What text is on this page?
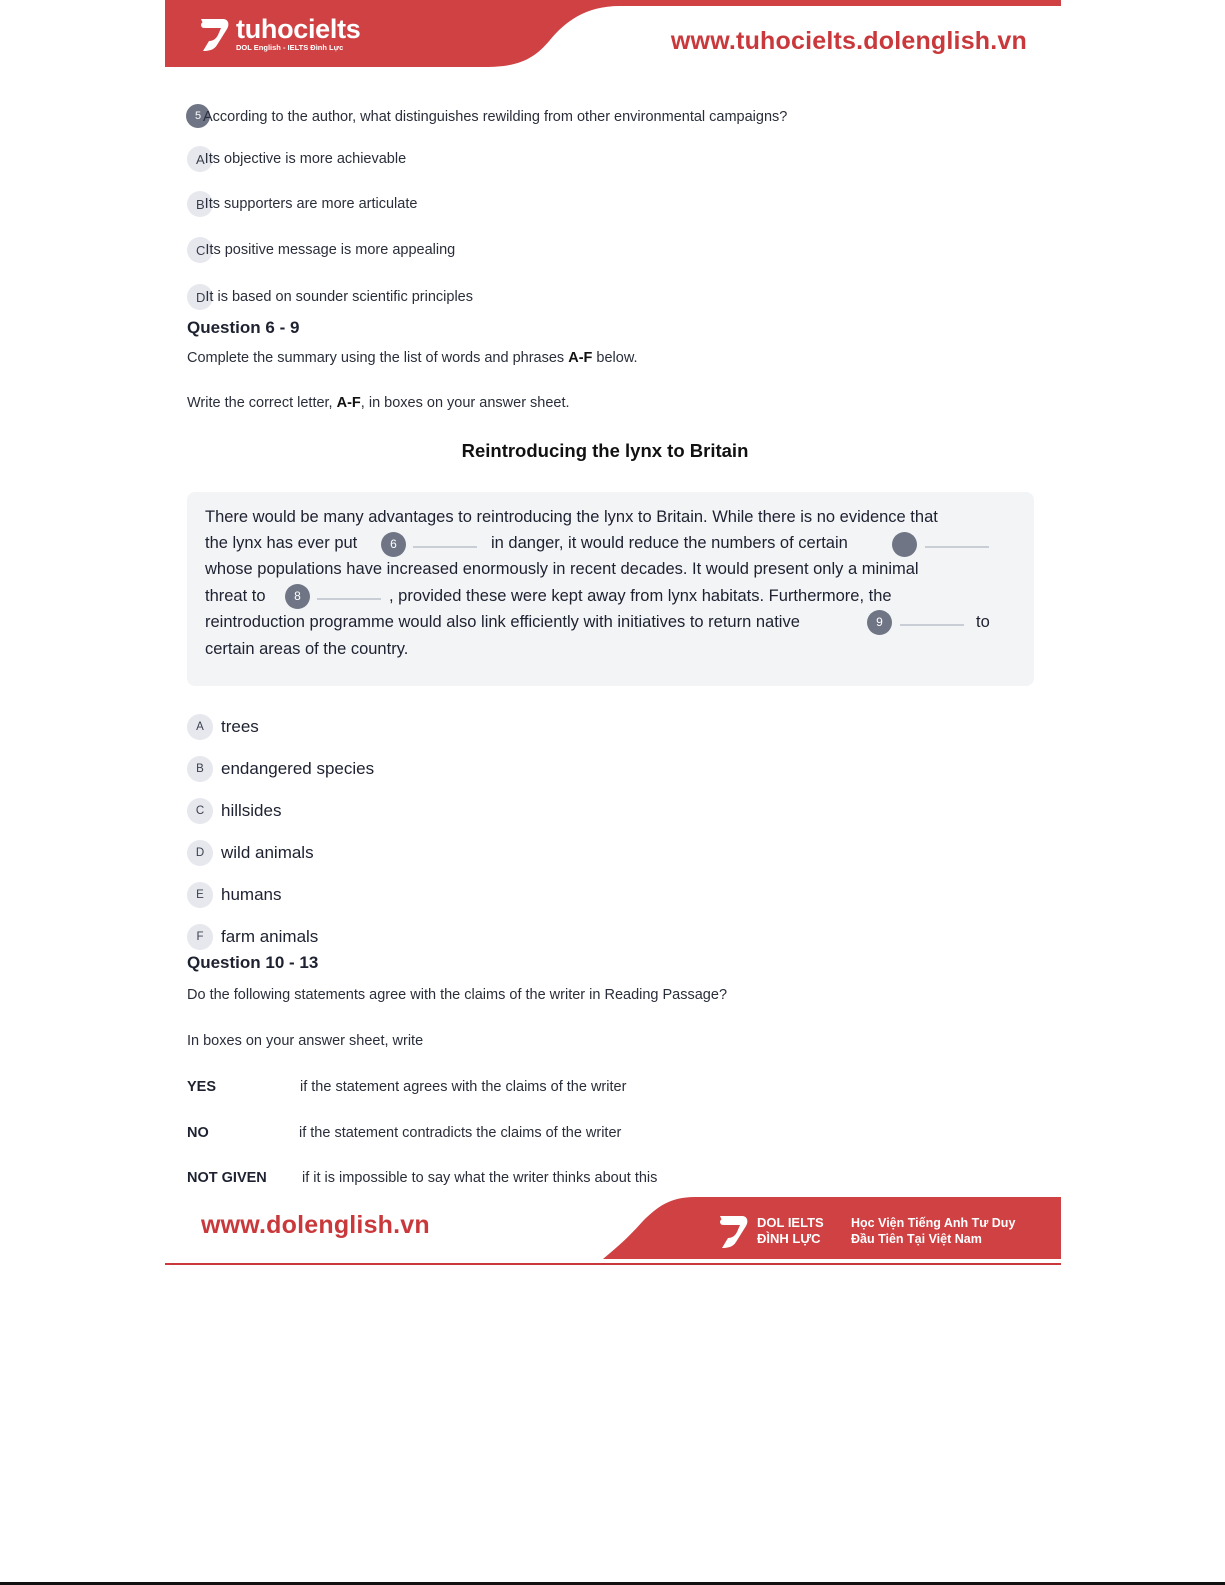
tuhocielts
DOL English - IELTS Đình Lực	www.tuhocielts.dolenglish.vn
5 According to the author, what distinguishes rewilding from other environmental campaigns?
A Its objective is more achievable
B Its supporters are more articulate
C Its positive message is more appealing
D It is based on sounder scientific principles
Question 6 - 9
Complete the summary using the list of words and phrases A-F below.
Write the correct letter, A-F, in boxes on your answer sheet.
Reintroducing the lynx to Britain
There would be many advantages to reintroducing the lynx to Britain. While there is no evidence that
the lynx has ever put	6	in danger, it would reduce the numbers of certain
whose populations have increased enormously in recent decades. It would present only a minimal
threat to	8	, provided these were kept away from lynx habitats. Furthermore, the
reintroduction programme would also link efficiently with initiatives to return native	9	to
certain areas of the country.
A	trees
B	endangered species
C hillsides
D wild animals
E	humans
F	farm animals
Question 10 - 13
Do the following statements agree with the claims of the writer in Reading Passage?
In boxes on your answer sheet, write
YES	if the statement agrees with the claims of the writer
NO	if the statement contradicts the claims of the writer
NOT GIVEN if it is impossible to say what the writer thinks about this
www.dolenglish.vn	DOL IELTS
ĐÌNH LỰC
Học Viện Tiếng Anh Tư Duy
Đầu Tiên Tại Việt Nam
